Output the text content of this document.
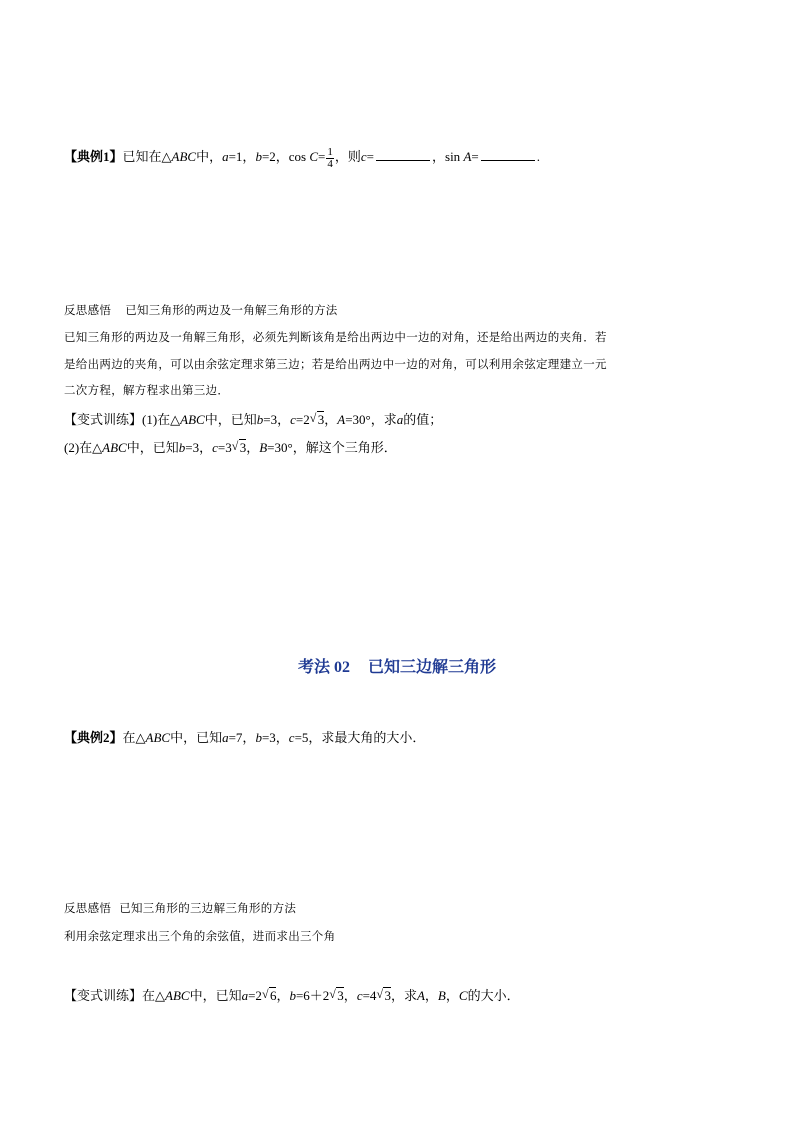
【典例1】已知在△ABC中，a=1，b=2，$\cos C= \frac{1}{4}$ ，则c=	，sin A=	.
反思感悟 已知三角形的两边及一角解三角形的方法
已知三角形的两边及一角解三角形，必须先判断该角是给出两边中一边的对角，还是给出两边的夹角．若
是给出两边的夹角，可以由余弦定理求第三边；若是给出两边中一边的对角，可以利用余弦定理建立一元
二次方程，解方程求出第三边．
【变式训练】(1)在△ABC中，已知b=3，c=2 √ 3，A=30°，求a的值；
(2)在△ABC中，已知b=3，c=3 √ 3，B=30°，解这个三角形．
考法 02 已知三边解三角形
【典例2】在△ABC中，已知a=7，b=3，c=5，求最大角的大小．
反思感悟 已知三角形的三边解三角形的方法
利用余弦定理求出三个角的余弦值，进而求出三个角
【变式训练】在△ABC中，已知a=2 √ 6，b=6＋2 √ 3，c=4 √ 3，求A，B，C的大小．
